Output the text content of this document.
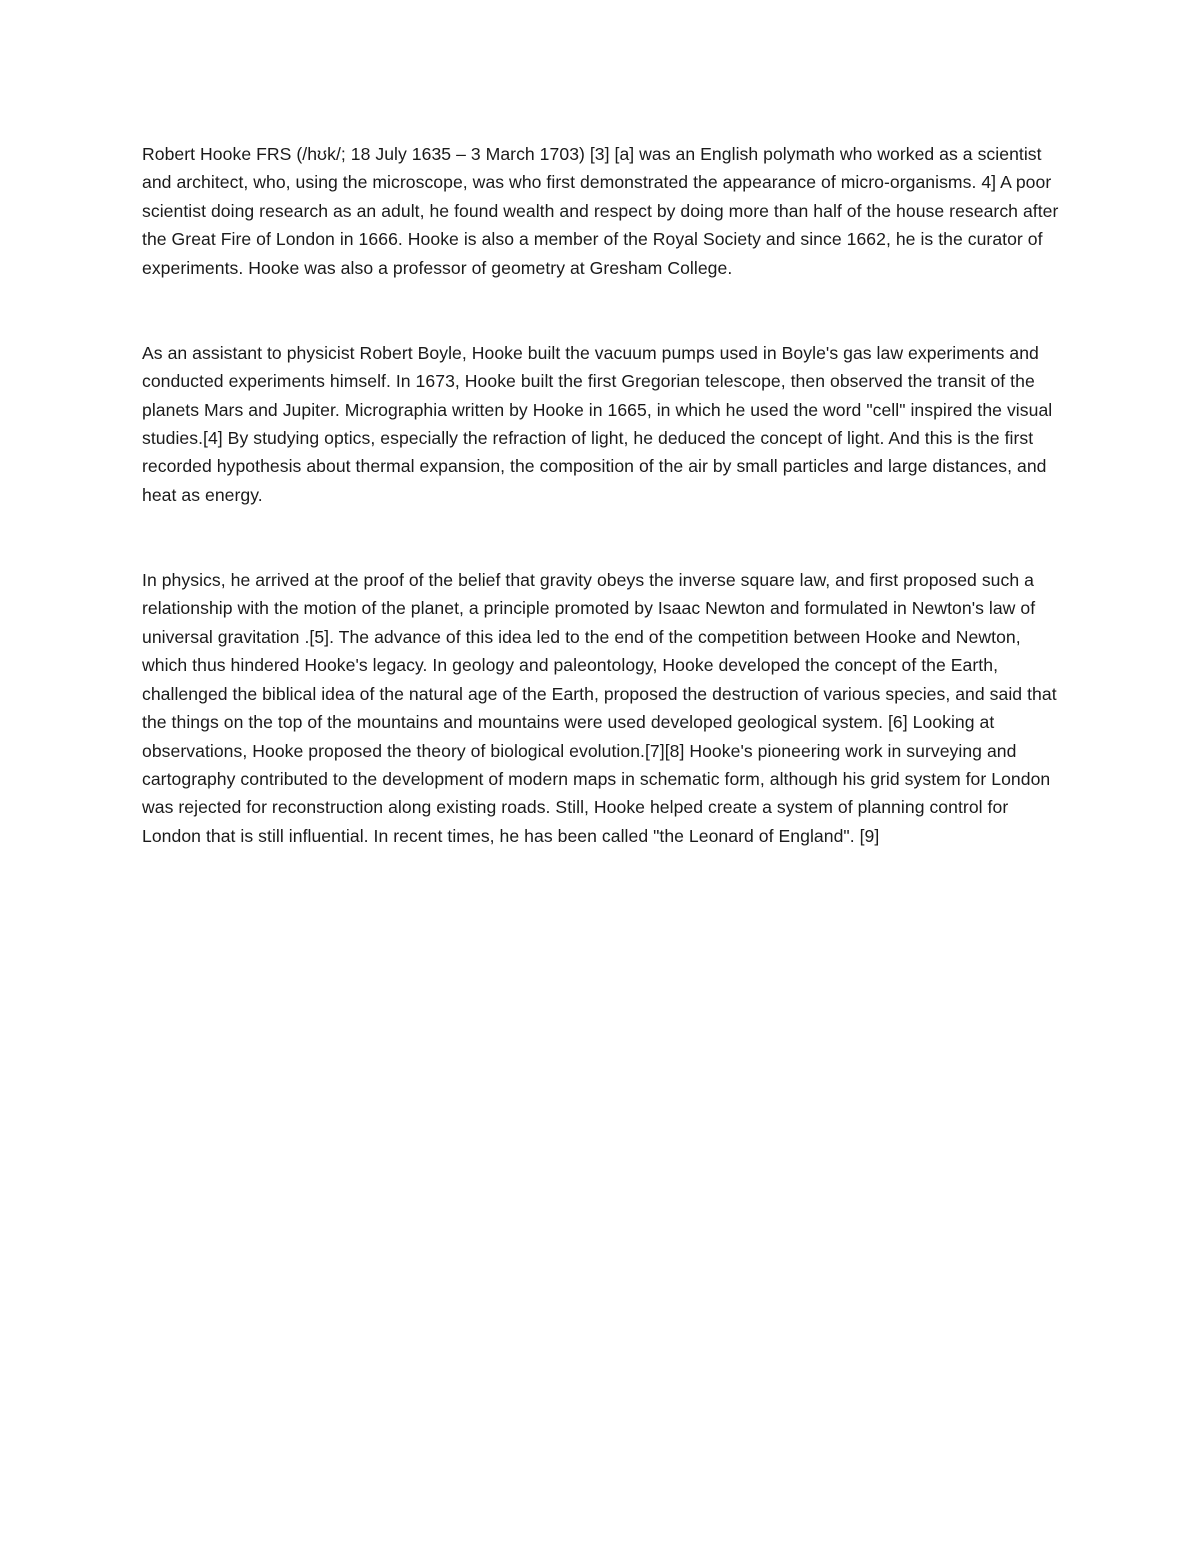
Robert Hooke FRS (/hʊk/; 18 July 1635 – 3 March 1703) [3] [a] was an English polymath who worked as a scientist and architect, who, using the microscope, was who first demonstrated the appearance of micro-organisms. 4] A poor scientist doing research as an adult, he found wealth and respect by doing more than half of the house research after the Great Fire of London in 1666. Hooke is also a member of the Royal Society and since 1662, he is the curator of experiments. Hooke was also a professor of geometry at Gresham College.

As an assistant to physicist Robert Boyle, Hooke built the vacuum pumps used in Boyle's gas law experiments and conducted experiments himself. In 1673, Hooke built the first Gregorian telescope, then observed the transit of the planets Mars and Jupiter. Micrographia written by Hooke in 1665, in which he used the word "cell" inspired the visual studies.[4] By studying optics, especially the refraction of light, he deduced the concept of light. And this is the first recorded hypothesis about thermal expansion, the composition of the air by small particles and large distances, and heat as energy.

In physics, he arrived at the proof of the belief that gravity obeys the inverse square law, and first proposed such a relationship with the motion of the planet, a principle promoted by Isaac Newton and formulated in Newton's law of universal gravitation .[5]. The advance of this idea led to the end of the competition between Hooke and Newton, which thus hindered Hooke's legacy. In geology and paleontology, Hooke developed the concept of the Earth, challenged the biblical idea of the natural age of the Earth, proposed the destruction of various species, and said that the things on the top of the mountains and mountains were used developed geological system. [6] Looking at observations, Hooke proposed the theory of biological evolution.[7][8] Hooke's pioneering work in surveying and cartography contributed to the development of modern maps in schematic form, although his grid system for London was rejected for reconstruction along existing roads. Still, Hooke helped create a system of planning control for London that is still influential. In recent times, he has been called "the Leonard of England". [9]
